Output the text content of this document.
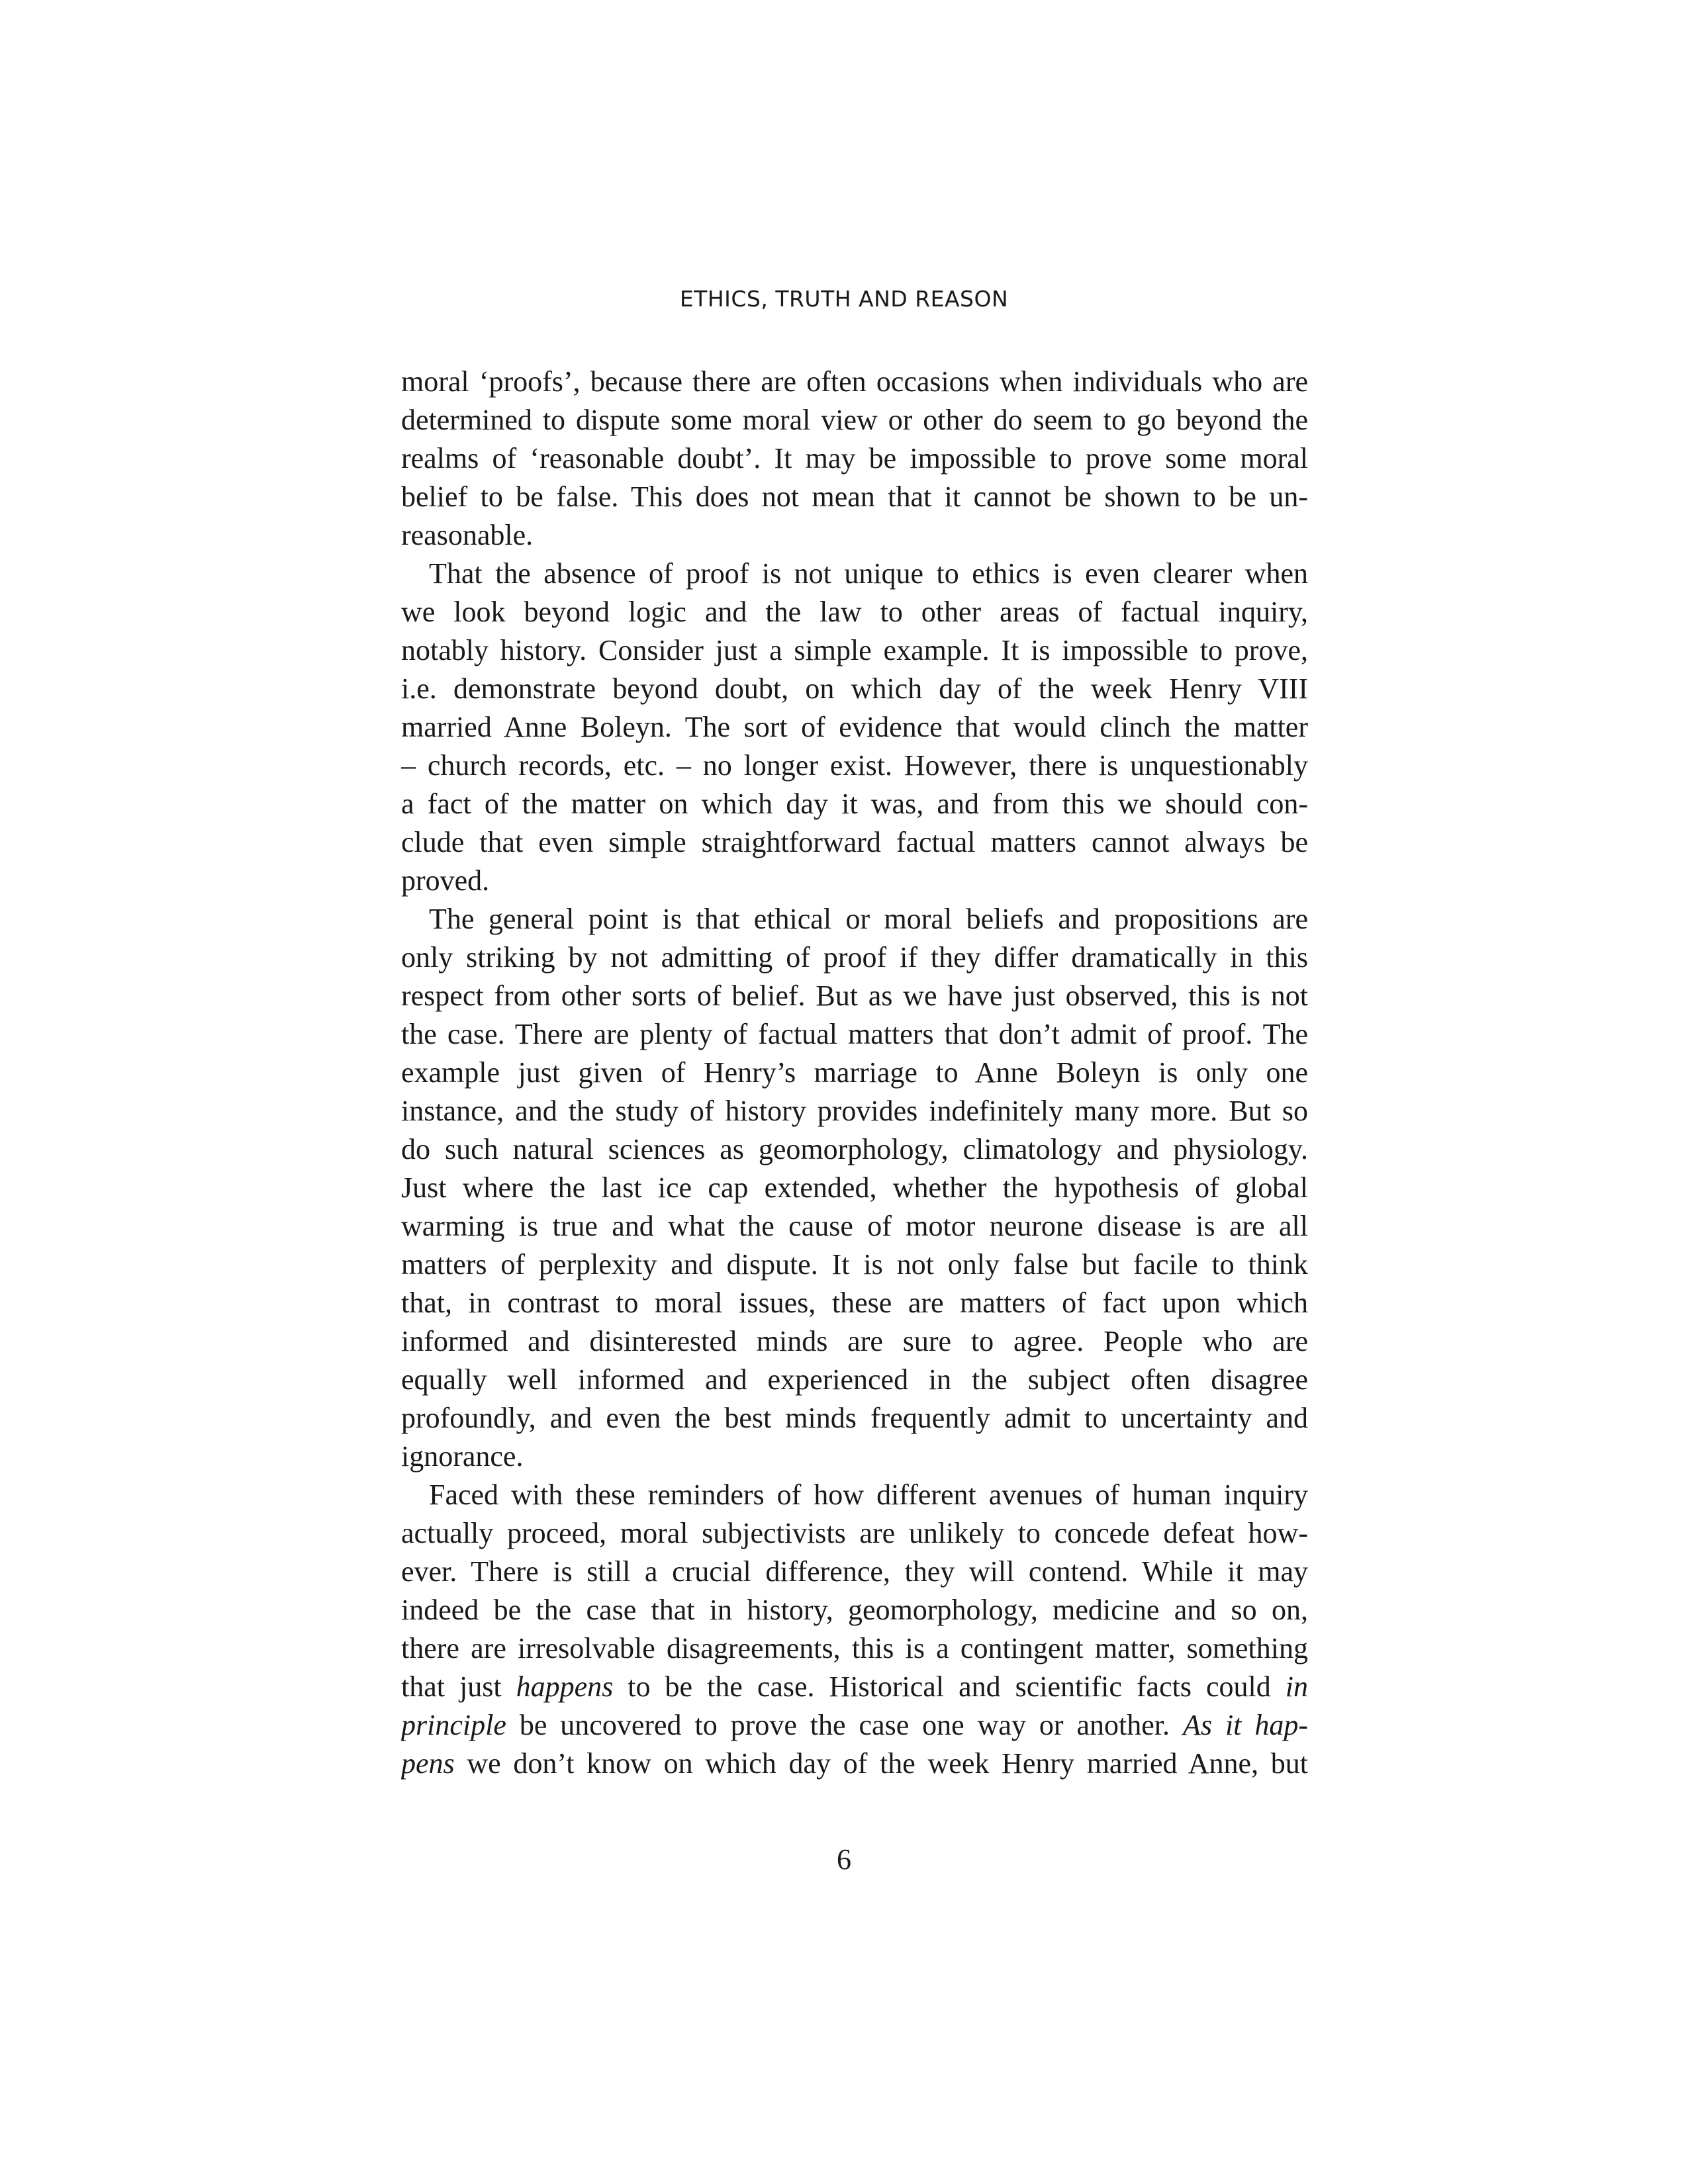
ETHICS, TRUTH AND REASON
moral ‘proofs’, because there are often occasions when individuals who are
determined to dispute some moral view or other do seem to go beyond the
realms of ‘reasonable doubt’. It may be impossible to prove some moral
belief to be false. This does not mean that it cannot be shown to be un-
reasonable.
That the absence of proof is not unique to ethics is even clearer when
we look beyond logic and the law to other areas of factual inquiry,
notably history. Consider just a simple example. It is impossible to prove,
i.e. demonstrate beyond doubt, on which day of the week Henry VIII
married Anne Boleyn. The sort of evidence that would clinch the matter
– church records, etc. – no longer exist. However, there is unquestionably
a fact of the matter on which day it was, and from this we should con-
clude that even simple straightforward factual matters cannot always be
proved.
The general point is that ethical or moral beliefs and propositions are
only striking by not admitting of proof if they differ dramatically in this
respect from other sorts of belief. But as we have just observed, this is not
the case. There are plenty of factual matters that don’t admit of proof. The
example just given of Henry’s marriage to Anne Boleyn is only one
instance, and the study of history provides indefinitely many more. But so
do such natural sciences as geomorphology, climatology and physiology.
Just where the last ice cap extended, whether the hypothesis of global
warming is true and what the cause of motor neurone disease is are all
matters of perplexity and dispute. It is not only false but facile to think
that, in contrast to moral issues, these are matters of fact upon which
informed and disinterested minds are sure to agree. People who are
equally well informed and experienced in the subject often disagree
profoundly, and even the best minds frequently admit to uncertainty and
ignorance.
Faced with these reminders of how different avenues of human inquiry
actually proceed, moral subjectivists are unlikely to concede defeat how-
ever. There is still a crucial difference, they will contend. While it may
indeed be the case that in history, geomorphology, medicine and so on,
there are irresolvable disagreements, this is a contingent matter, something
that just happens to be the case. Historical and scientific facts could in
principle be uncovered to prove the case one way or another. As it hap-
pens we don’t know on which day of the week Henry married Anne, but
6
